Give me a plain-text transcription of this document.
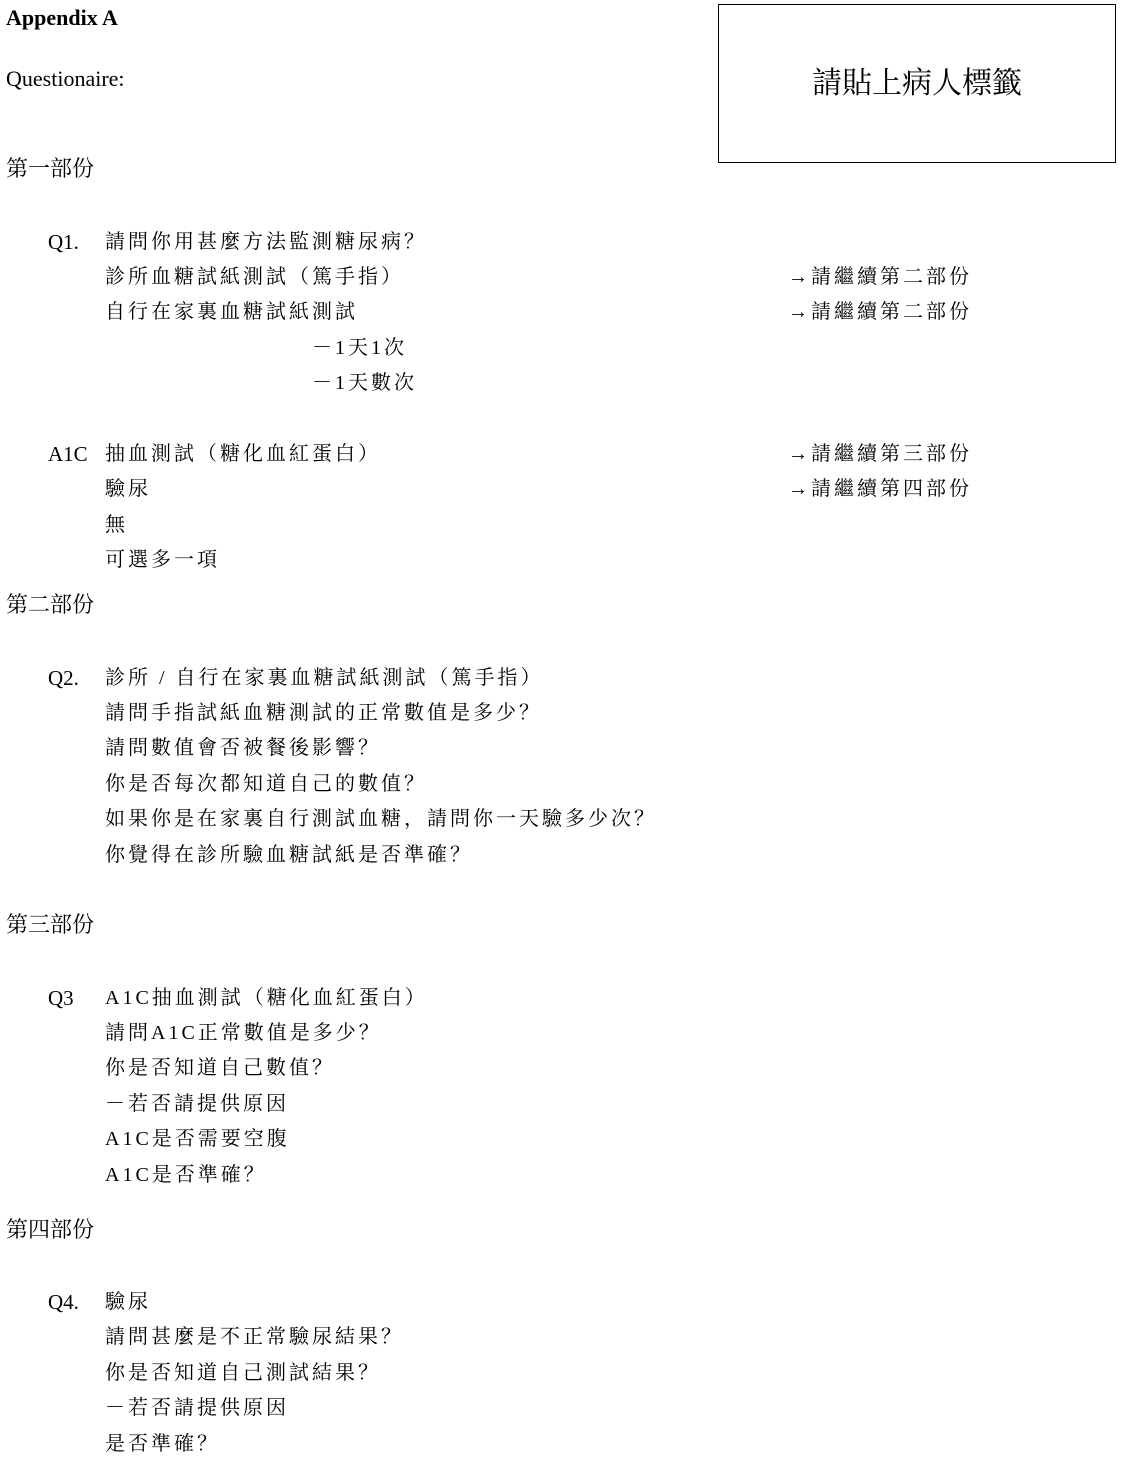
Appendix A
Questionaire:	請貼上病人標籤
第一部份
Q1. 請問你用甚麼方法監測糖尿病？
診所血糖試紙測試（篤手指）	→請繼續第二部份
自行在家裏血糖試紙測試	→請繼續第二部份
－1天1次
－1天數次
A1C 抽血測試（糖化血紅蛋白）	→請繼續第三部份
驗尿	→請繼續第四部份
無
可選多一項
第二部份
Q2. 診所 / 自行在家裏血糖試紙測試（篤手指）
請問手指試紙血糖測試的正常數值是多少？
請問數值會否被餐後影響？
你是否每次都知道自己的數值？
如果你是在家裏自行測試血糖，請問你一天驗多少次？
你覺得在診所驗血糖試紙是否準確？
第三部份
Q3 A1C抽血測試（糖化血紅蛋白）
請問A1C正常數值是多少？
你是否知道自己數值？
－若否請提供原因
A1C是否需要空腹
A1C是否準確？
第四部份
Q4. 驗尿
請問甚麼是不正常驗尿結果？
你是否知道自己測試結果？
－若否請提供原因
是否準確？
